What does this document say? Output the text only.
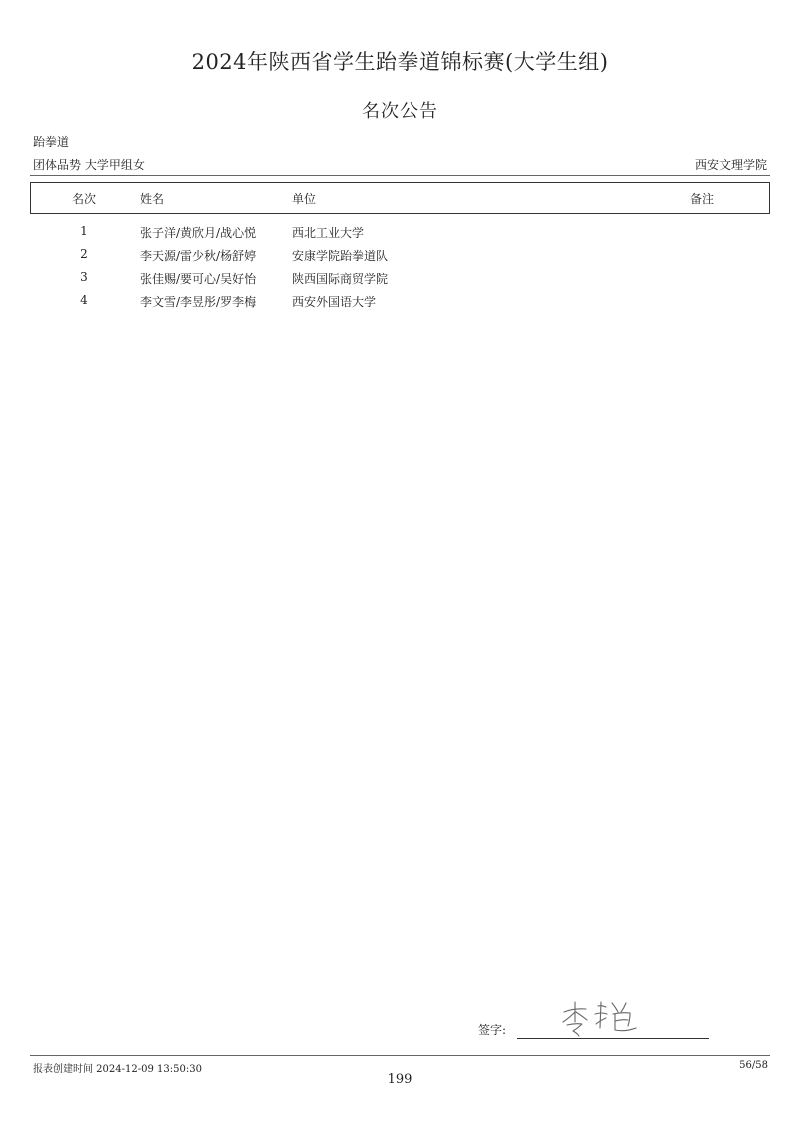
2024年陕西省学生跆拳道锦标赛(大学生组)
名次公告
跆拳道
团体品势 大学甲组女	西安文理学院
名次	姓名	单位	备注
1	张子洋/黄欣月/战心悦	西北工业大学
2	李天源/雷少秋/杨舒婷	安康学院跆拳道队
3	张佳赐/要可心/吴好怡	陕西国际商贸学院
4	李文雪/李昱彤/罗李梅	西安外国语大学
签字:
报表创建时间 2024-12-09 13:50:30	56/58
199
